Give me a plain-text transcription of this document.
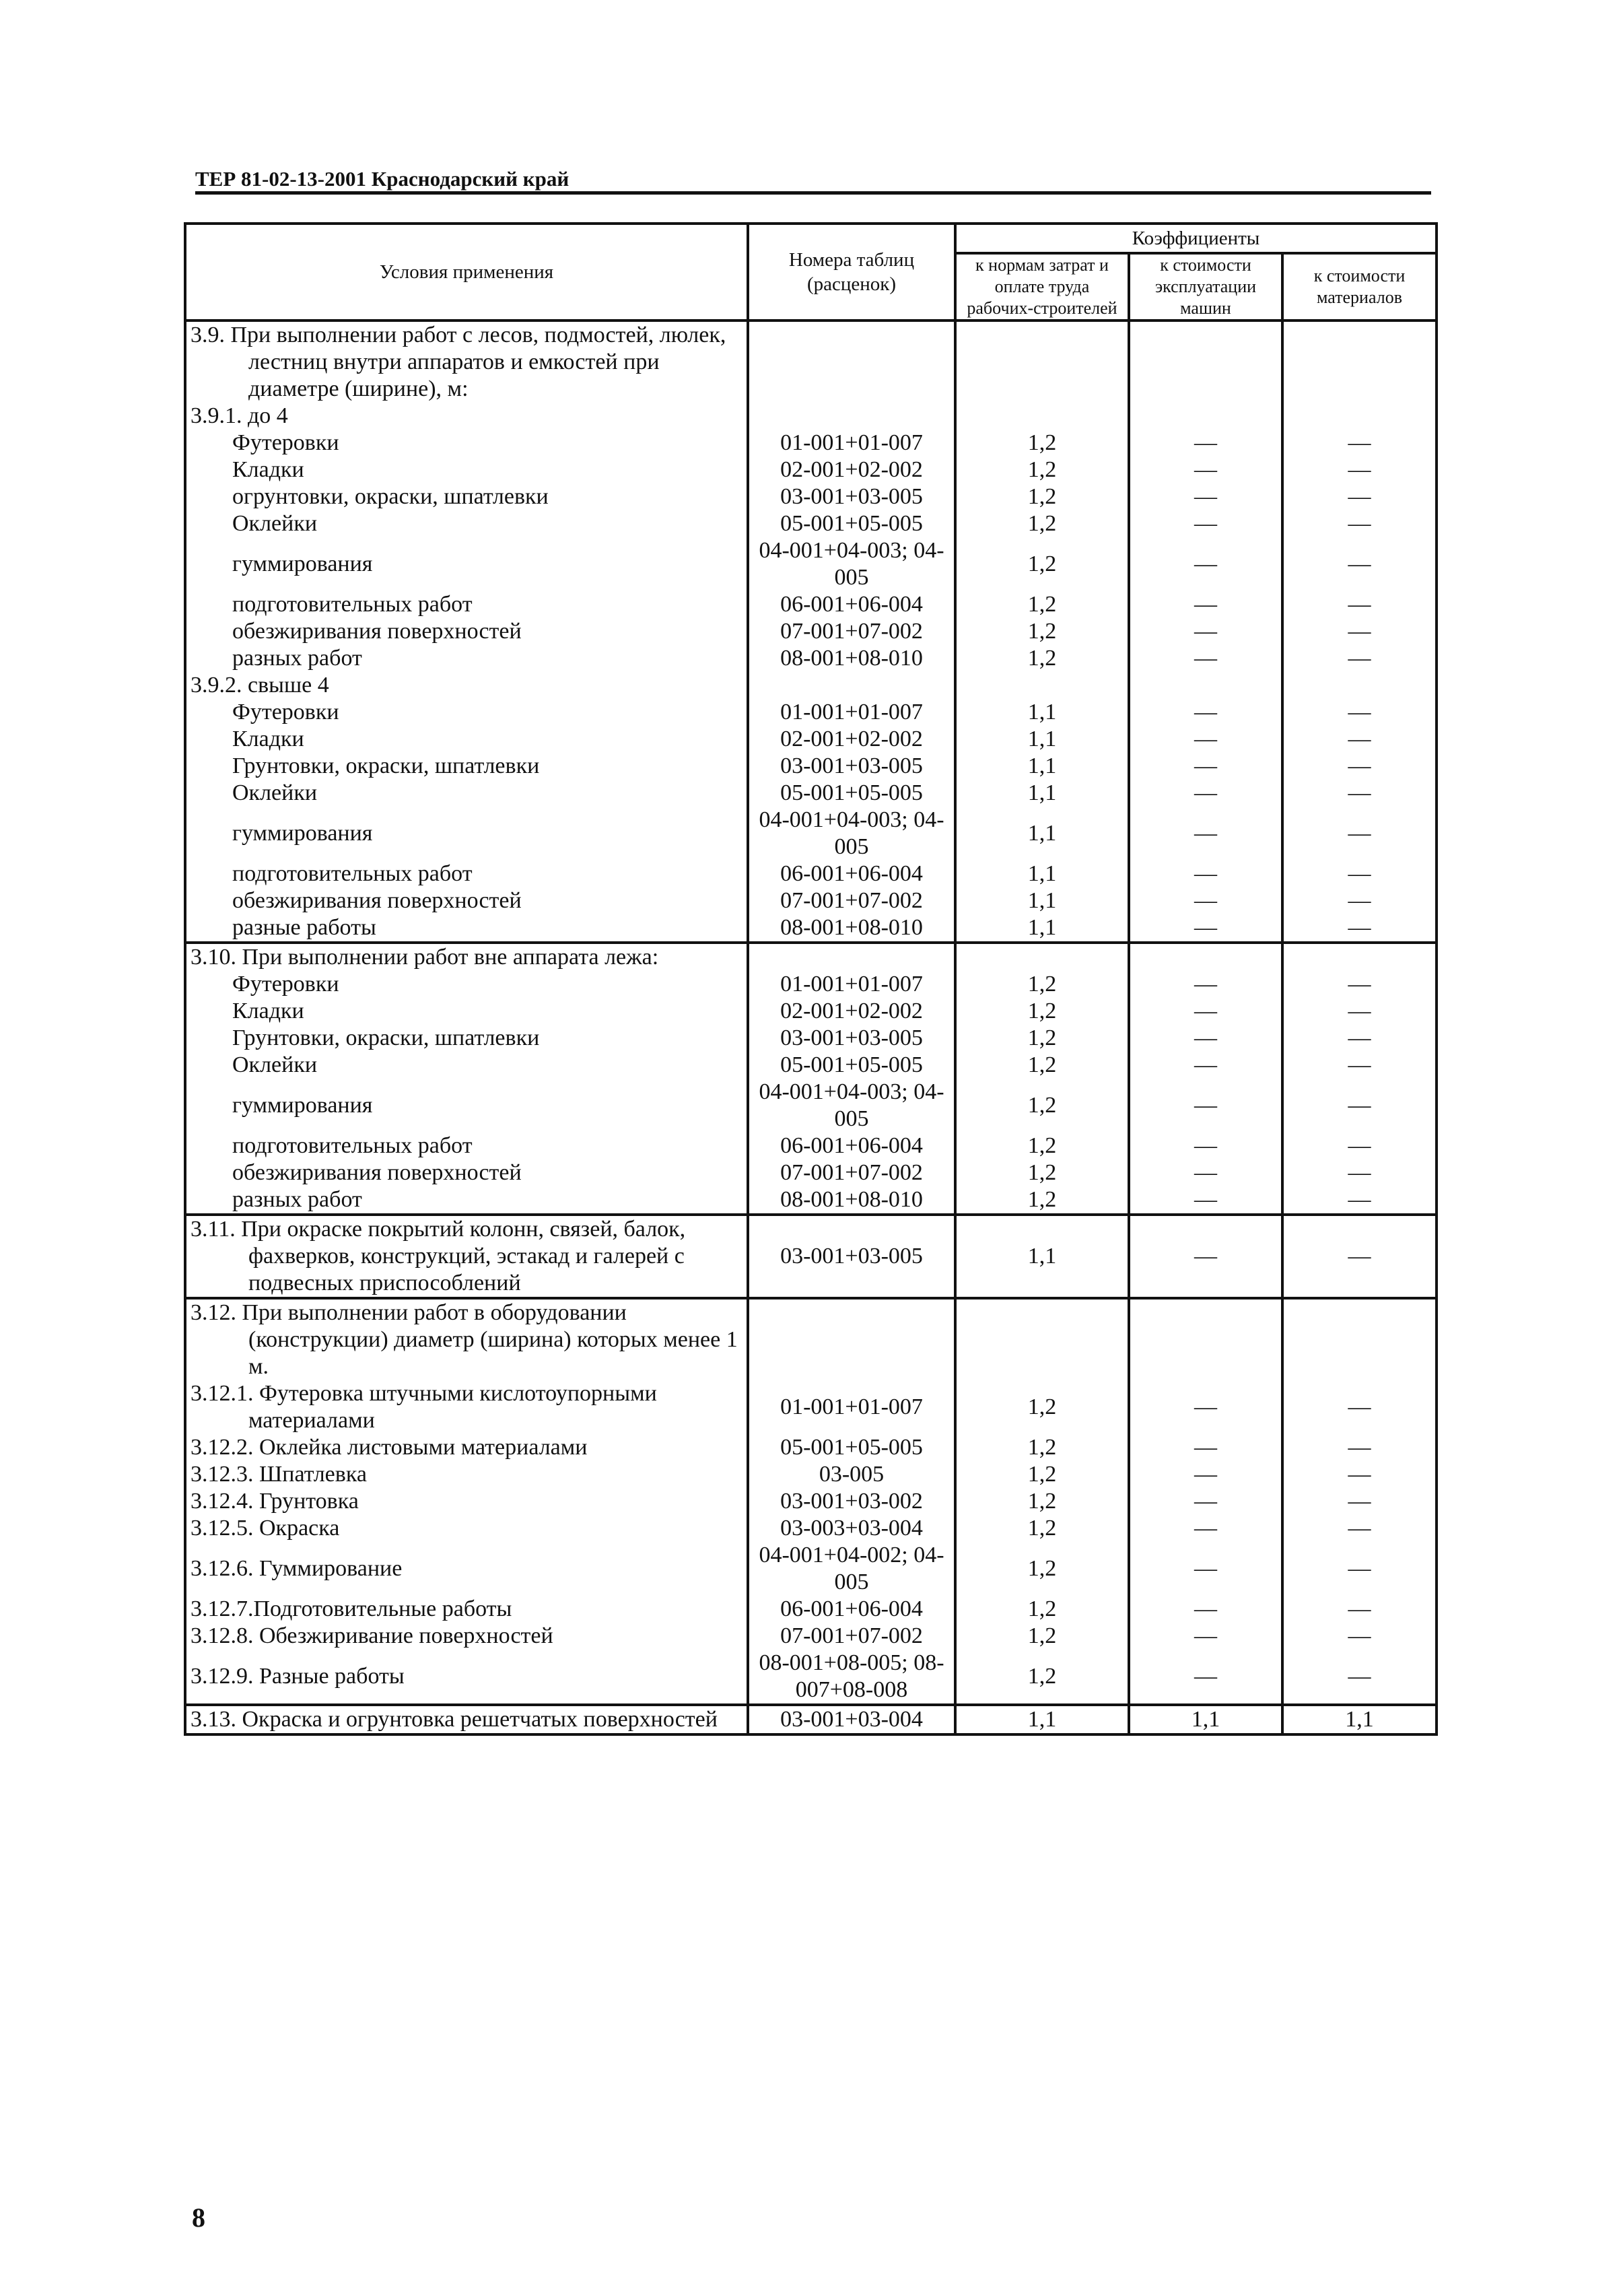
ТЕР 81-02-13-2001 Краснодарский край
Условия применения	Номера таблиц (расценок)	Коэффициенты		
		к нормам затрат и оплате труда рабочих-строителей	к стоимости эксплуатации машин	к стоимости материалов

3.9. При выполнении работ с лесов, подмостей, люлек, лестниц внутри аппаратов и емкостей при диаметре (ширине), м:				

3.9.1. до 4				

Футеровки	01-001+01-007	1,2	—	—

Кладки	02-001+02-002	1,2	—	—

огрунтовки, окраски, шпатлевки	03-001+03-005	1,2	—	—

Оклейки	05-001+05-005	1,2	—	—

гуммирования	04-001+04-003; 04-005	1,2	—	—

подготовительных работ	06-001+06-004	1,2	—	—

обезжиривания поверхностей	07-001+07-002	1,2	—	—

разных работ	08-001+08-010	1,2	—	—
3.9.2. свыше 4				

Футеровки	01-001+01-007	1,1	—	—

Кладки	02-001+02-002	1,1	—	—

Грунтовки, окраски, шпатлевки	03-001+03-005	1,1	—	—

Оклейки	05-001+05-005	1,1	—	—

гуммирования	04-001+04-003; 04-005	1,1	—	—

подготовительных работ	06-001+06-004	1,1	—	—

обезжиривания поверхностей	07-001+07-002	1,1	—	—

разные работы	08-001+08-010	1,1	—	—
3.10. При выполнении работ вне аппарата лежа:				

Футеровки	01-001+01-007	1,2	—	—

Кладки	02-001+02-002	1,2	—	—

Грунтовки, окраски, шпатлевки	03-001+03-005	1,2	—	—

Оклейки	05-001+05-005	1,2	—	—

гуммирования	04-001+04-003; 04-005	1,2	—	—

подготовительных работ	06-001+06-004	1,2	—	—

обезжиривания поверхностей	07-001+07-002	1,2	—	—

разных работ	08-001+08-010	1,2	—	—

3.11. При окраске покрытий колонн, связей, балок, фахверков, конструкций, эстакад и галерей с подвесных приспособлений	03-001+03-005	1,1	—	—

3.12. При выполнении работ в оборудовании (конструкции) диаметр (ширина) которых менее 1 м.				

3.12.1. Футеровка штучными кислотоупорными материалами	01-001+01-007	1,2	—	—
3.12.2. Оклейка листовыми материалами	05-001+05-005	1,2	—	—
3.12.3. Шпатлевка	03-005	1,2	—	—
3.12.4. Грунтовка	03-001+03-002	1,2	—	—
3.12.5. Окраска	03-003+03-004	1,2	—	—
3.12.6. Гуммирование	04-001+04-002; 04-005	1,2	—	—
3.12.7.Подготовительные работы	06-001+06-004	1,2	—	—
3.12.8. Обезжиривание поверхностей	07-001+07-002	1,2	—	—
3.12.9. Разные работы	08-001+08-005; 08-007+08-008	1,2	—	—

3.13. Окраска и огрунтовка решетчатых поверхностей	03-001+03-004	1,1	1,1	1,1
8
